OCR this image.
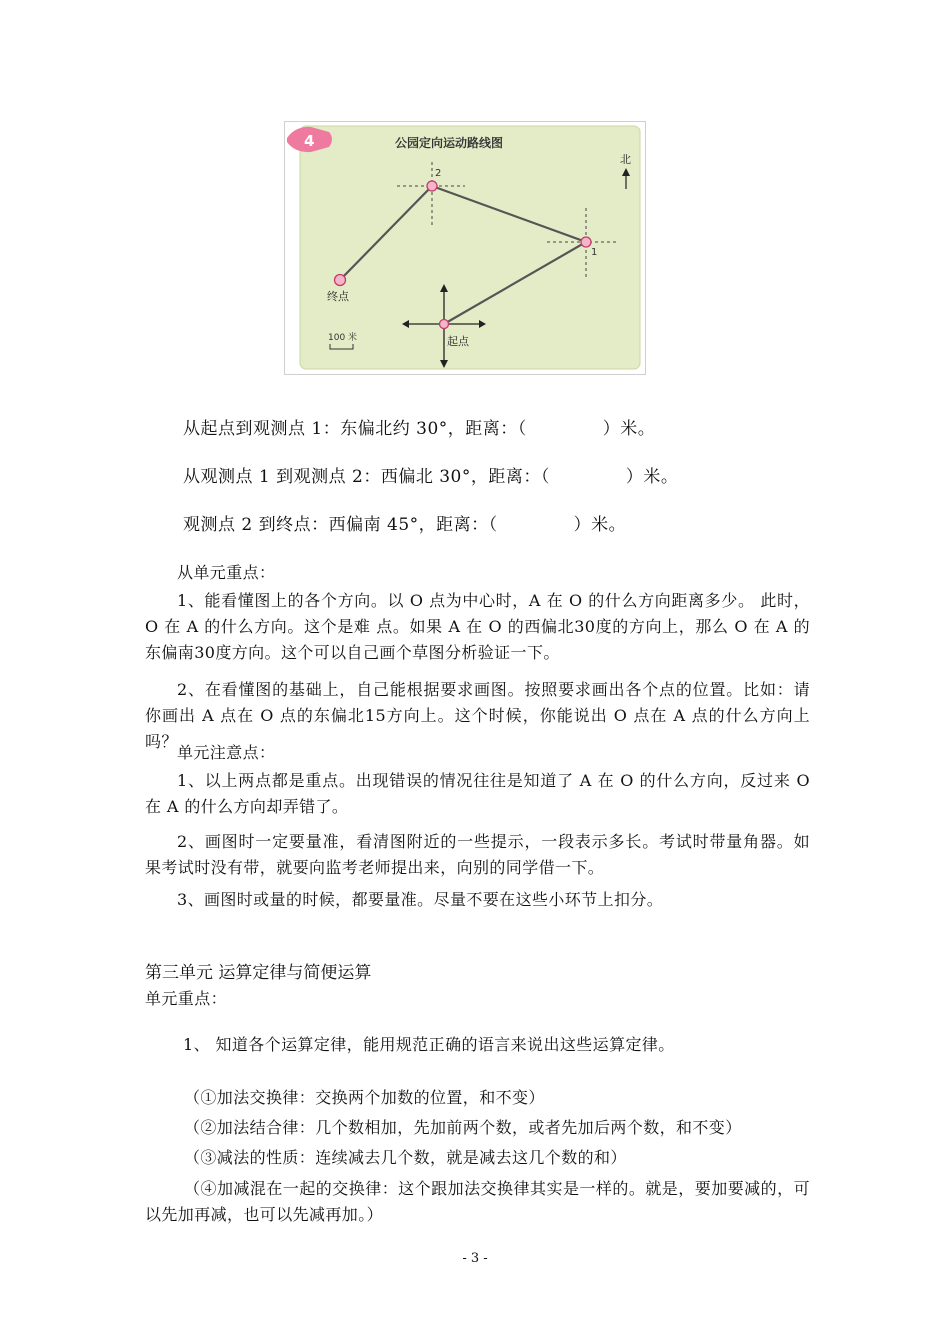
4	公园定向运动路线图
北
2
1
终点
起点
100 米
从起点到观测点 1：东偏北约 30°，距离：（	）米。
从观测点 1 到观测点 2：西偏北 30°，距离：（	）米。
观测点 2 到终点：西偏南 45°，距离：（	）米。
从单元重点：
1、能看懂图上的各个方向。以 O 点为中心时，A 在 O 的什么方向距离多少。 此时，O 在 A 的什么方向。这个是难 点。如果 A 在 O 的西偏北30度的方向上，那么 O 在 A 的东偏南30度方向。这个可以自己画个草图分析验证一下。
2、在看懂图的基础上，自己能根据要求画图。按照要求画出各个点的位置。比如：请你画出 A 点在 O 点的东偏北15方向上。这个时候，你能说出 O 点在 A 点的什么方向上吗？
单元注意点：
1、以上两点都是重点。出现错误的情况往往是知道了 A 在 O 的什么方向，反过来 O 在 A 的什么方向却弄错了。
2、画图时一定要量准，看清图附近的一些提示，一段表示多长。考试时带量角器。如果考试时没有带，就要向监考老师提出来，向别的同学借一下。
3、画图时或量的时候，都要量准。尽量不要在这些小环节上扣分。
第三单元 运算定律与简便运算
单元重点：
1、 知道各个运算定律，能用规范正确的语言来说出这些运算定律。
（①加法交换律：交换两个加数的位置，和不变）
（②加法结合律：几个数相加，先加前两个数，或者先加后两个数，和不变）
（③减法的性质：连续减去几个数，就是减去这几个数的和）
（④加减混在一起的交换律：这个跟加法交换律其实是一样的。就是，要加要减的，可以先加再减，也可以先减再加。）
- 3 -
